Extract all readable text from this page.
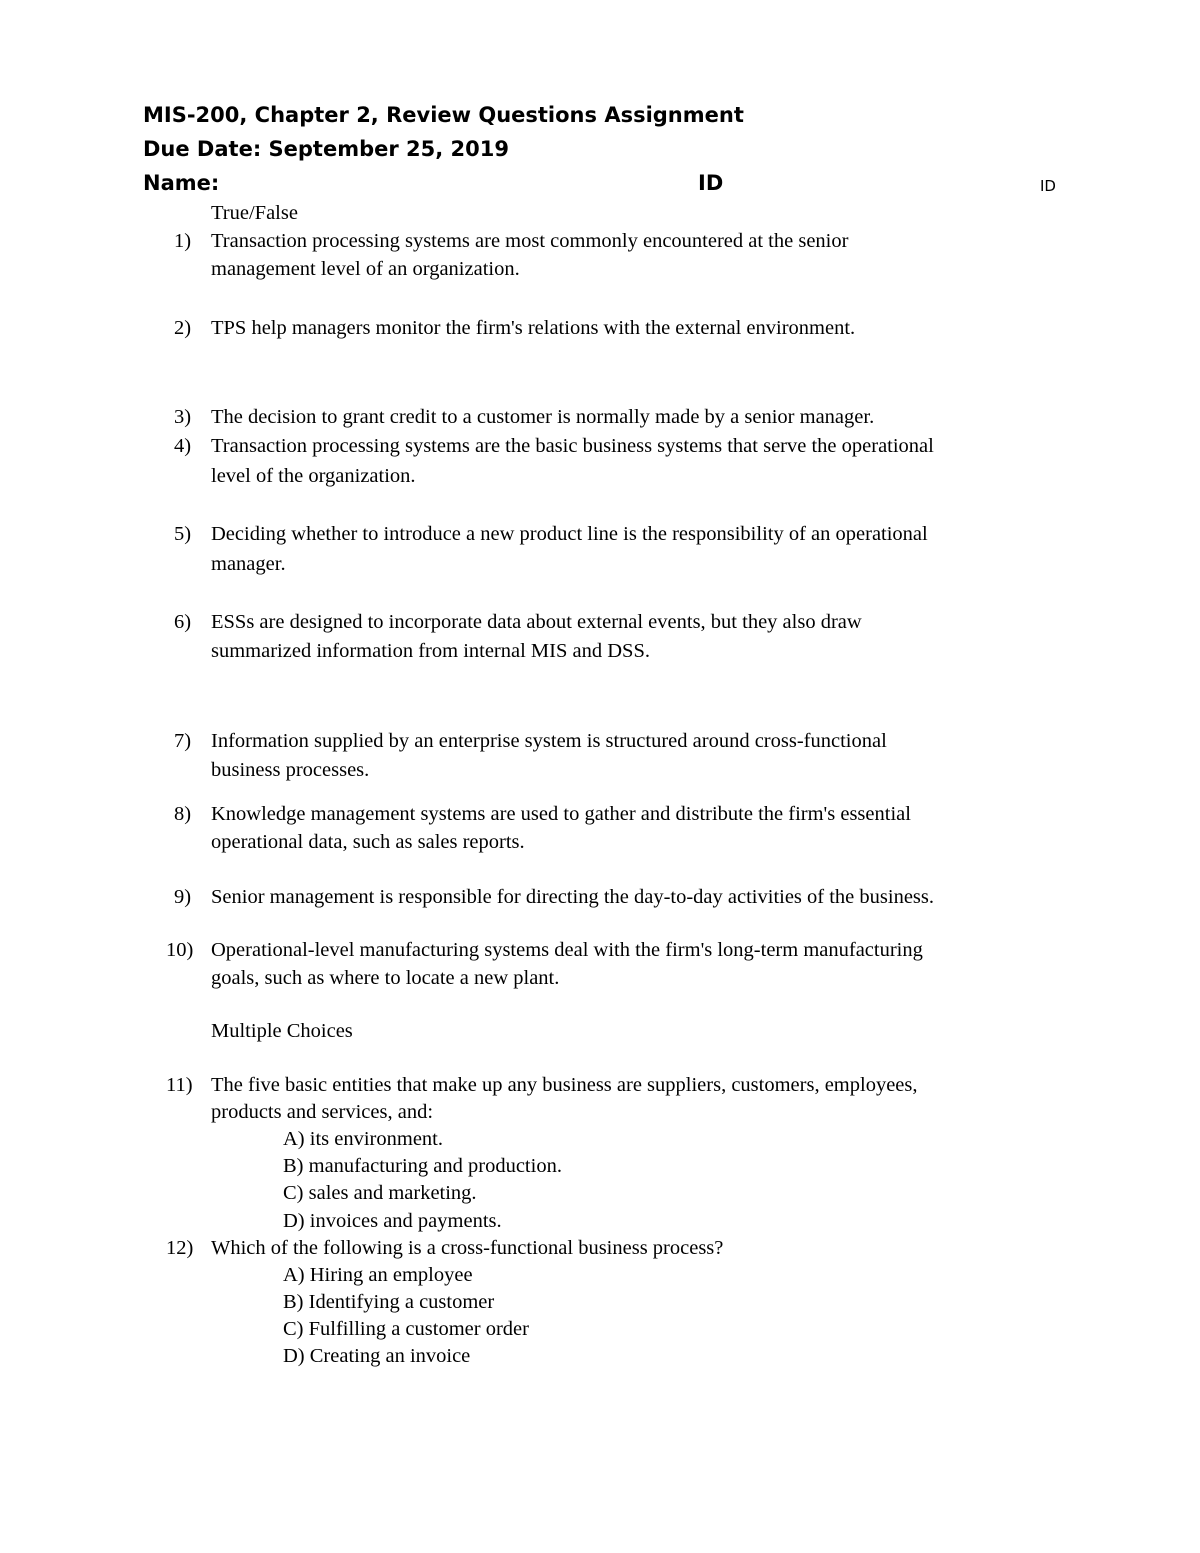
MIS-200, Chapter 2, Review Questions Assignment
Due Date: September 25, 2019
Name:	ID	ID
True/False
1) Transaction processing systems are most commonly encountered at the senior
management level of an organization.
2) TPS help managers monitor the firm's relations with the external environment.
3) The decision to grant credit to a customer is normally made by a senior manager.
4) Transaction processing systems are the basic business systems that serve the operational
level of the organization.
5) Deciding whether to introduce a new product line is the responsibility of an operational
manager.
6) ESSs are designed to incorporate data about external events, but they also draw
summarized information from internal MIS and DSS.
7) Information supplied by an enterprise system is structured around cross-functional
business processes.
8) Knowledge management systems are used to gather and distribute the firm's essential
operational data, such as sales reports.
9) Senior management is responsible for directing the day-to-day activities of the business.
10) Operational-level manufacturing systems deal with the firm's long-term manufacturing
goals, such as where to locate a new plant.
Multiple Choices
11) The five basic entities that make up any business are suppliers, customers, employees,
products and services, and:
A) its environment.
B) manufacturing and production.
C) sales and marketing.
D) invoices and payments.
12) Which of the following is a cross-functional business process?
A) Hiring an employee
B) Identifying a customer
C) Fulfilling a customer order
D) Creating an invoice
